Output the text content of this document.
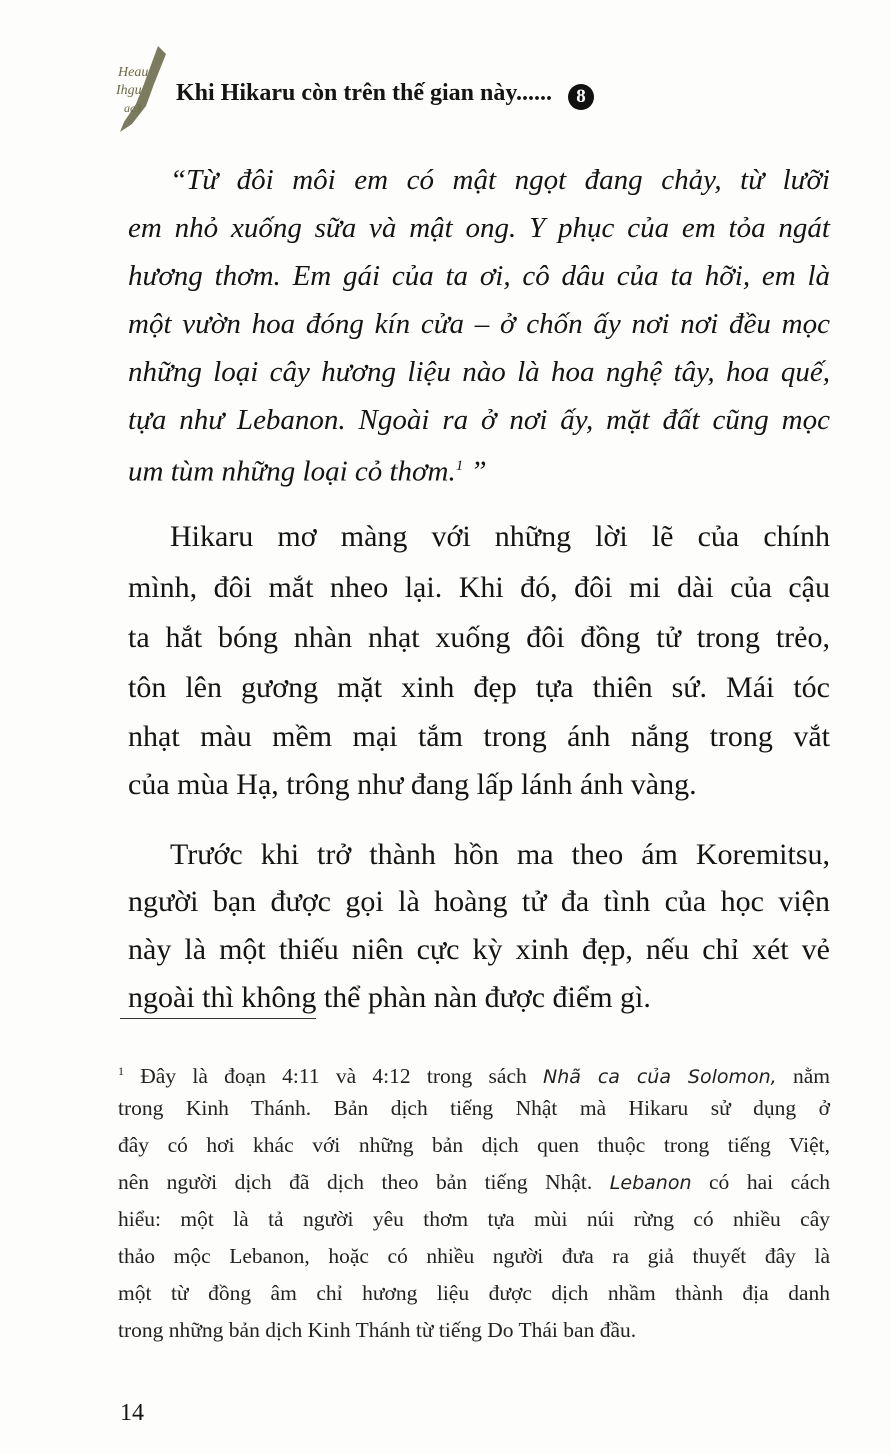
Heau
Ihgu
ac3
Khi Hikaru còn trên thế gian này......	8
“Từ đôi môi em có mật ngọt đang chảy, từ lưỡi
em nhỏ xuống sữa và mật ong. Y phục của em tỏa ngát
hương thơm. Em gái của ta ơi, cô dâu của ta hỡi, em là
một vườn hoa đóng kín cửa – ở chốn ấy nơi nơi đều mọc
những loại cây hương liệu nào là hoa nghệ tây, hoa quế,
tựa như Lebanon. Ngoài ra ở nơi ấy, mặt đất cũng mọc
um tùm những loại cỏ thơm.$^1$ ”
Hikaru mơ màng với những lời lẽ của chính
mình, đôi mắt nheo lại. Khi đó, đôi mi dài của cậu
ta hắt bóng nhàn nhạt xuống đôi đồng tử trong trẻo,
tôn lên gương mặt xinh đẹp tựa thiên sứ. Mái tóc
nhạt màu mềm mại tắm trong ánh nắng trong vắt
của mùa Hạ, trông như đang lấp lánh ánh vàng.
Trước khi trở thành hồn ma theo ám Koremitsu,
người bạn được gọi là hoàng tử đa tình của học viện
này là một thiếu niên cực kỳ xinh đẹp, nếu chỉ xét vẻ
ngoài thì không thể phàn nàn được điểm gì.
$^1$ Đây là đoạn 4:11 và 4:12 trong sách Nhã ca của Solomon, nằm
trong Kinh Thánh. Bản dịch tiếng Nhật mà Hikaru sử dụng ở
đây có hơi khác với những bản dịch quen thuộc trong tiếng Việt,
nên người dịch đã dịch theo bản tiếng Nhật. Lebanon có hai cách
hiểu: một là tả người yêu thơm tựa mùi núi rừng có nhiều cây
thảo mộc Lebanon, hoặc có nhiều người đưa ra giả thuyết đây là
một từ đồng âm chỉ hương liệu được dịch nhầm thành địa danh
trong những bản dịch Kinh Thánh từ tiếng Do Thái ban đầu.
14
